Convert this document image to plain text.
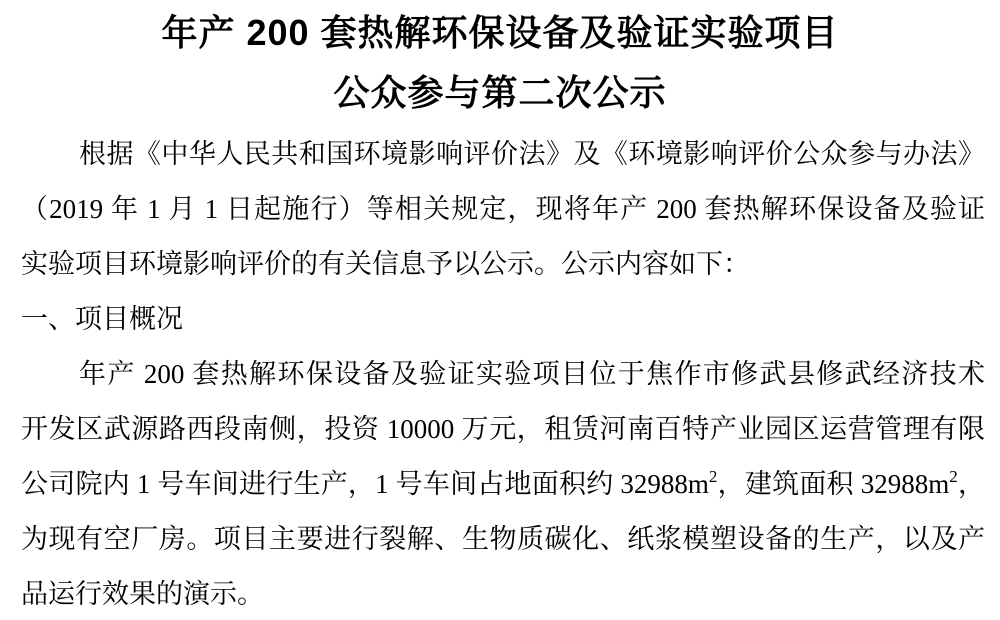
年产 200 套热解环保设备及验证实验项目
公众参与第二次公示

根据《中华人民共和国环境影响评价法》及《环境影响评价公众参与办法》

（2019 年 1 月 1 日起施行）等相关规定，现将年产 200 套热解环保设备及验证

实验项目环境影响评价的有关信息予以公示。公示内容如下：

一、项目概况

年产 200 套热解环保设备及验证实验项目位于焦作市修武县修武经济技术

开发区武源路西段南侧，投资 10000 万元，租赁河南百特产业园区运营管理有限

公司院内 1 号车间进行生产，1 号车间占地面积约 $32988m^2$，建筑面积 $32988m^2$，

为现有空厂房。项目主要进行裂解、生物质碳化、纸浆模塑设备的生产，以及产

品运行效果的演示。
